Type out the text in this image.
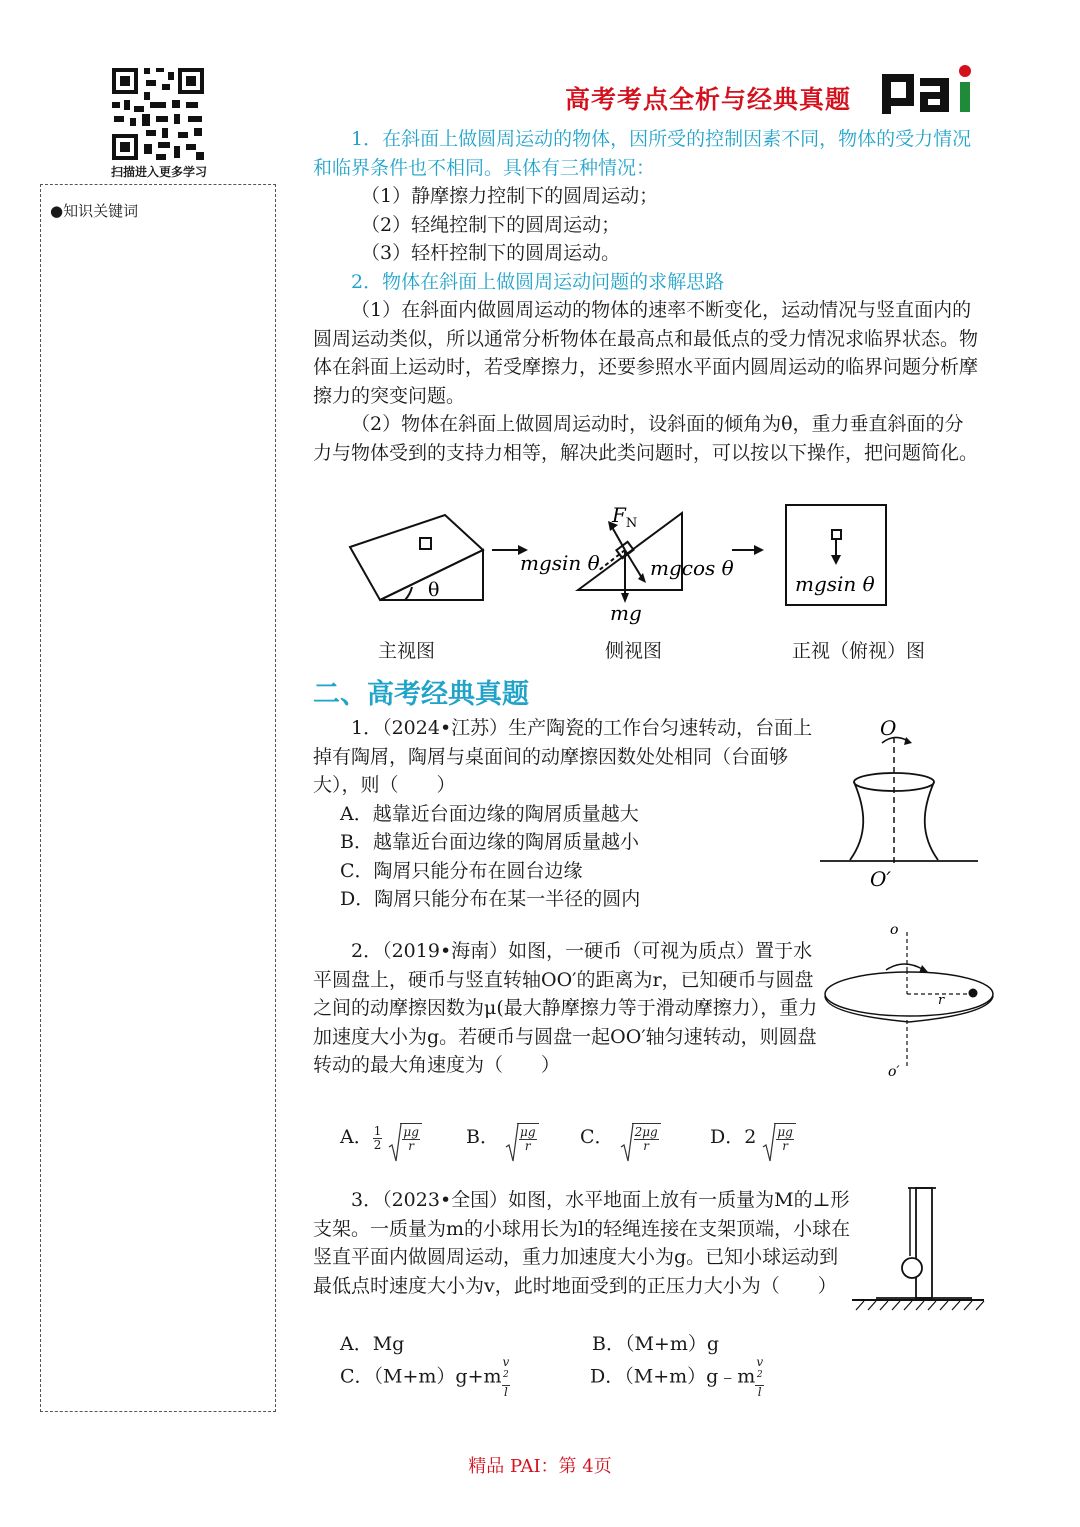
扫描进入更多学习
●知识关键词
高考考点全析与经典真题

1．在斜面上做圆周运动的物体，因所受的控制因素不同，物体的受力情况和临界条件也不相同。具体有三种情况：

（1）静摩擦力控制下的圆周运动；

（2）轻绳控制下的圆周运动；

（3）轻杆控制下的圆周运动。

2．物体在斜面上做圆周运动问题的求解思路

（1）在斜面内做圆周运动的物体的速率不断变化，运动情况与竖直面内的圆周运动类似，所以通常分析物体在最高点和最低点的受力情况求临界状态。物体在斜面上运动时，若受摩擦力，还要参照水平面内圆周运动的临界问题分析摩擦力的突变问题。

（2）物体在斜面上做圆周运动时，设斜面的倾角为θ，重力垂直斜面的分力与物体受到的支持力相等，解决此类问题时，可以按以下操作，把问题简化。

θ
$F_N$
mgsin θ	mgcos θ
mg
mgsin θ
主视图	侧视图	正视（俯视）图
二、高考经典真题

1．（2024•江苏）生产陶瓷的工作台匀速转动，台面上掉有陶屑，陶屑与桌面间的动摩擦因数处处相同（台面够大），则（　　）

A．越靠近台面边缘的陶屑质量越大

B．越靠近台面边缘的陶屑质量越小

C．陶屑只能分布在圆台边缘

D．陶屑只能分布在某一半径的圆内

O
O′

2．（2019•海南）如图，一硬币（可视为质点）置于水平圆盘上，硬币与竖直转轴OO′的距离为r，已知硬币与圆盘之间的动摩擦因数为μ(最大静摩擦力等于滑动摩擦力），重力加速度大小为g。若硬币与圆盘一起OO′轴匀速转动，则圆盘转动的最大角速度为（　　）

A． $\frac{1}{2}$
$\frac{\mu g}{r}$ B． $\frac{\mu g}{r}$ C． $\frac{2\mu g}{r}$	D．$2 \frac{\mu g}{r}$
o
o′
r

3．（2023•全国）如图，水平地面上放有一质量为M的⊥形支架。一质量为m的小球用长为l的轻绳连接在支架顶端，小球在竖直平面内做圆周运动，重力加速度大小为g。已知小球运动到最低点时速度大小为v，此时地面受到的正压力大小为（　　）

A．Mg	B．（M+m）g
C．（M+m）g+m v
$^2$
l	D．（M+m）g﹣m v
$^2$
l
精品 PAI：第 4页
